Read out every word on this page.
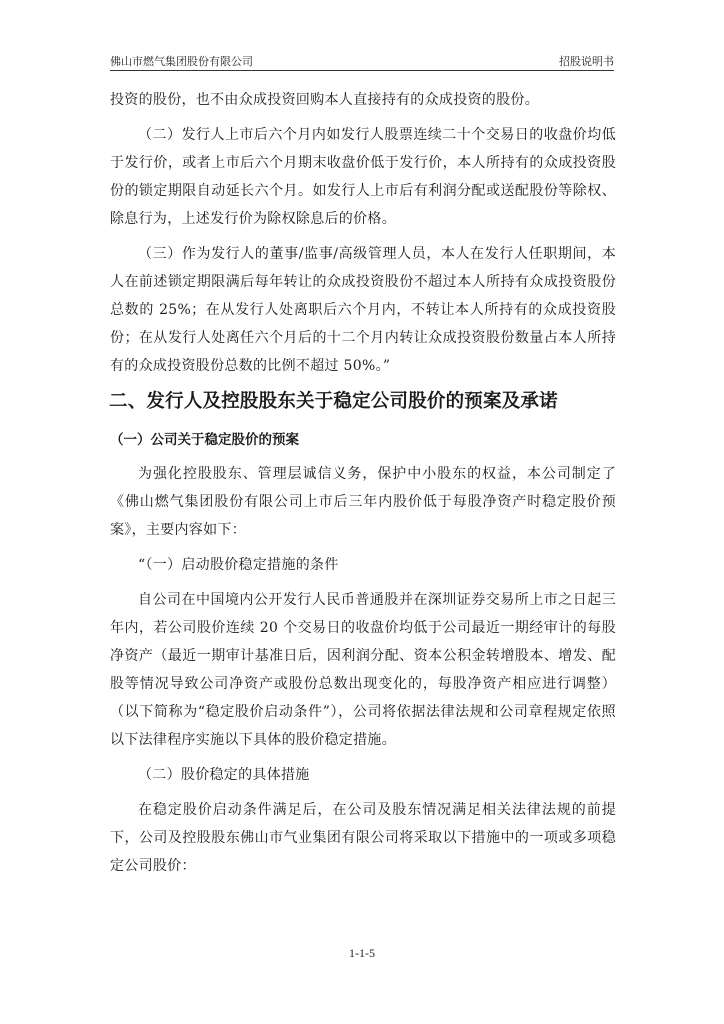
佛山市燃气集团股份有限公司	招股说明书

投资的股份，也不由众成投资回购本人直接持有的众成投资的股份。

（二）发行人上市后六个月内如发行人股票连续二十个交易日的收盘价均低于发行价，或者上市后六个月期末收盘价低于发行价，本人所持有的众成投资股份的锁定期限自动延长六个月。如发行人上市后有利润分配或送配股份等除权、除息行为，上述发行价为除权除息后的价格。

（三）作为发行人的董事/监事/高级管理人员，本人在发行人任职期间，本人在前述锁定期限满后每年转让的众成投资股份不超过本人所持有众成投资股份总数的 25%；在从发行人处离职后六个月内，不转让本人所持有的众成投资股份；在从发行人处离任六个月后的十二个月内转让众成投资股份数量占本人所持有的众成投资股份总数的比例不超过 50%。”

二、发行人及控股股东关于稳定公司股价的预案及承诺
（一）公司关于稳定股价的预案

为强化控股股东、管理层诚信义务，保护中小股东的权益，本公司制定了《佛山燃气集团股份有限公司上市后三年内股价低于每股净资产时稳定股价预案》，主要内容如下：

“（一）启动股价稳定措施的条件

自公司在中国境内公开发行人民币普通股并在深圳证券交易所上市之日起三年内，若公司股价连续 20 个交易日的收盘价均低于公司最近一期经审计的每股净资产（最近一期审计基准日后，因利润分配、资本公积金转增股本、增发、配股等情况导致公司净资产或股份总数出现变化的，每股净资产相应进行调整）（以下简称为“稳定股价启动条件”），公司将依据法律法规和公司章程规定依照以下法律程序实施以下具体的股价稳定措施。

（二）股价稳定的具体措施

在稳定股价启动条件满足后，在公司及股东情况满足相关法律法规的前提下，公司及控股股东佛山市气业集团有限公司将采取以下措施中的一项或多项稳定公司股价：

1-1-5
